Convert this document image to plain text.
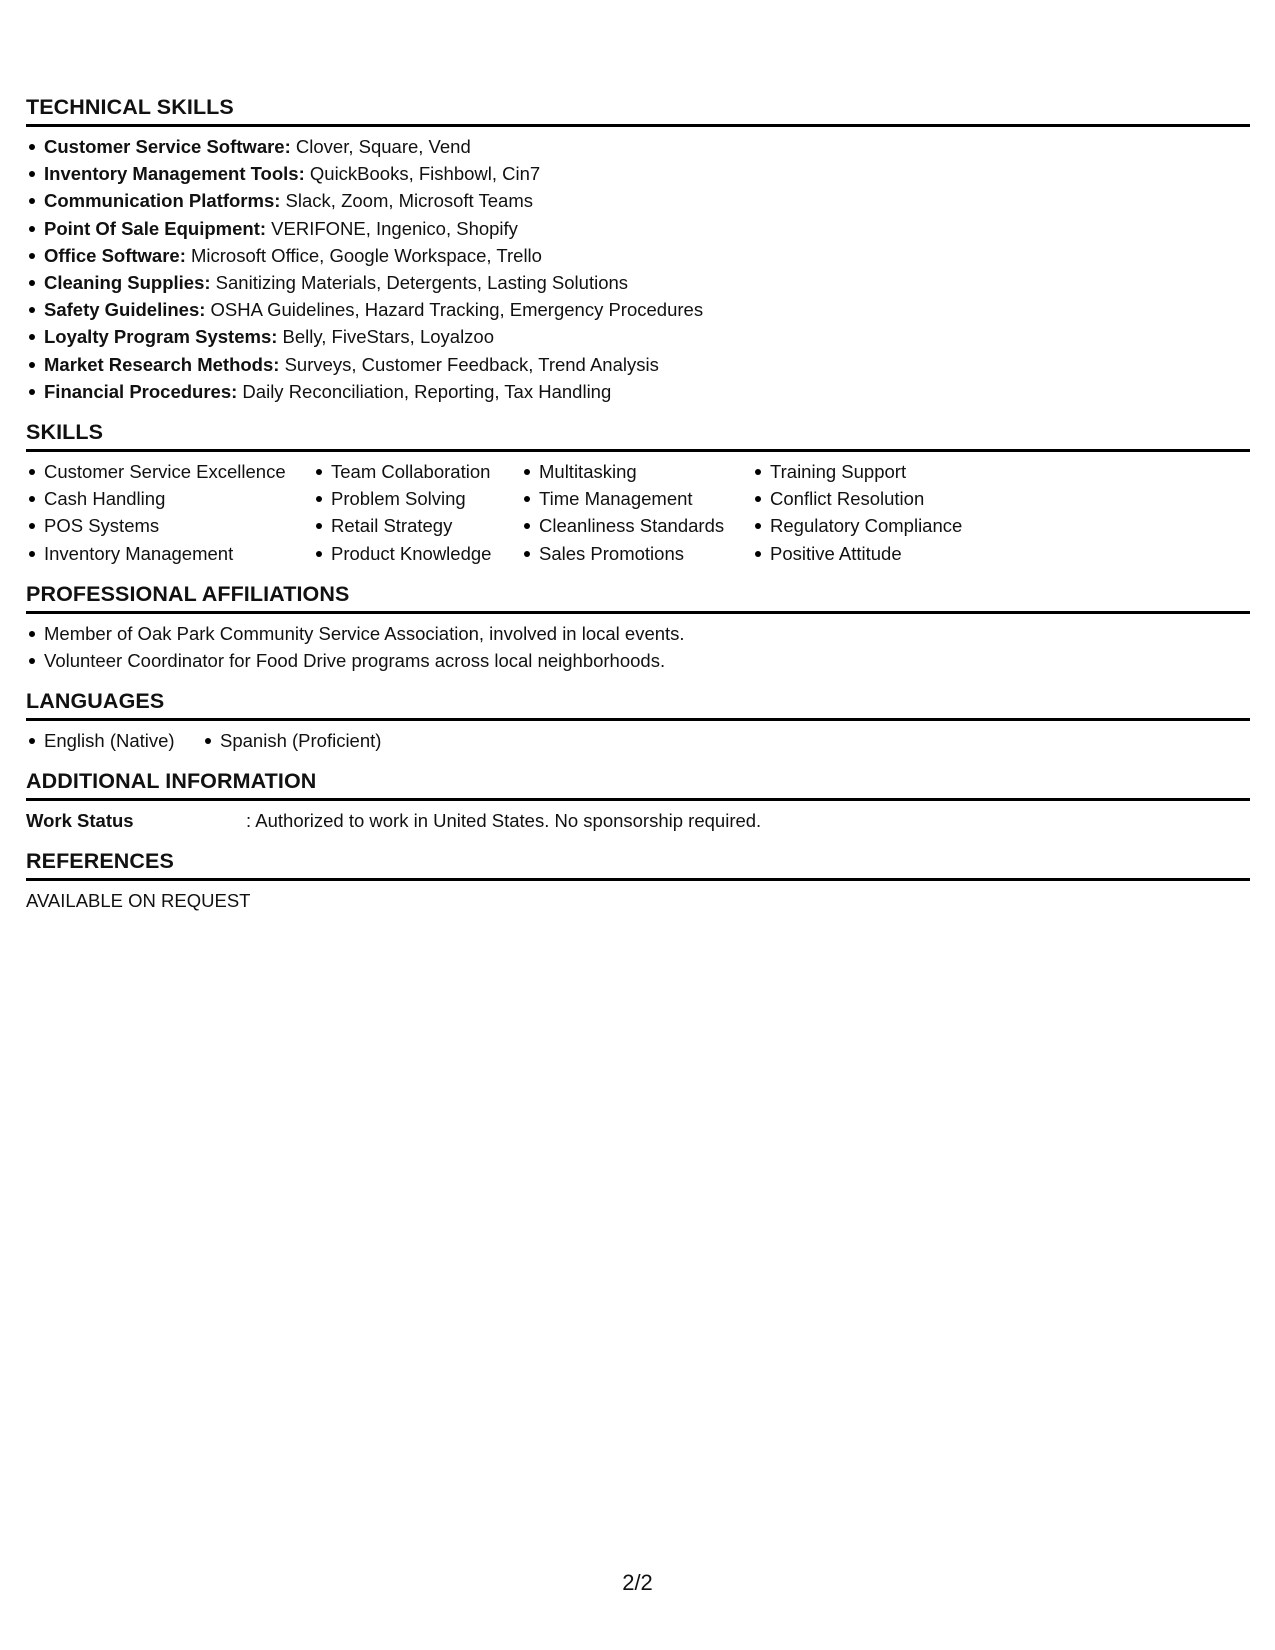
TECHNICAL SKILLS
Customer Service Software: Clover, Square, Vend
Inventory Management Tools: QuickBooks, Fishbowl, Cin7
Communication Platforms: Slack, Zoom, Microsoft Teams
Point Of Sale Equipment: VERIFONE, Ingenico, Shopify
Office Software: Microsoft Office, Google Workspace, Trello
Cleaning Supplies: Sanitizing Materials, Detergents, Lasting Solutions
Safety Guidelines: OSHA Guidelines, Hazard Tracking, Emergency Procedures
Loyalty Program Systems: Belly, FiveStars, Loyalzoo
Market Research Methods: Surveys, Customer Feedback, Trend Analysis
Financial Procedures: Daily Reconciliation, Reporting, Tax Handling
SKILLS
Customer Service Excellence
Cash Handling
POS Systems
Inventory Management
Team Collaboration
Problem Solving
Retail Strategy
Product Knowledge
Multitasking
Time Management
Cleanliness Standards
Sales Promotions
Training Support
Conflict Resolution
Regulatory Compliance
Positive Attitude
PROFESSIONAL AFFILIATIONS
Member of Oak Park Community Service Association, involved in local events.
Volunteer Coordinator for Food Drive programs across local neighborhoods.
LANGUAGES
English (Native)	Spanish (Proficient)
ADDITIONAL INFORMATION
Work Status	: Authorized to work in United States. No sponsorship required.
REFERENCES
AVAILABLE ON REQUEST
2/2
